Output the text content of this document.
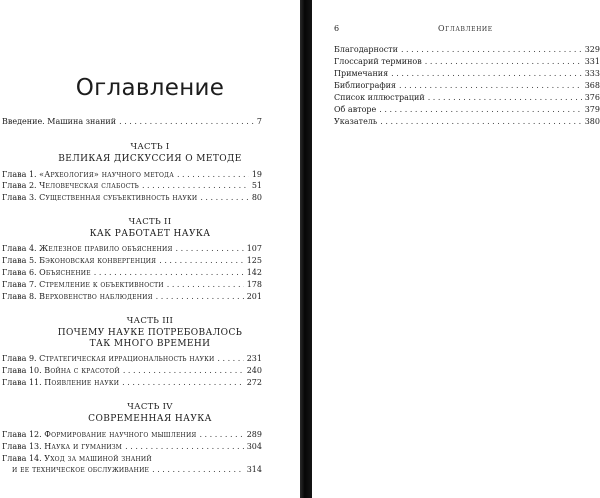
Оглавление
Введение. Машина знаний . . .	7
ЧАСТЬ I
ВЕЛИКАЯ ДИСКУССИЯ О МЕТОДЕ
Глава 1. «Археология» научного метода . . .	19
Глава 2. Человеческая слабость . . .	51
Глава 3. Существенная субъективность науки . . .	80
ЧАСТЬ II
КАК РАБОТАЕТ НАУКА
Глава 4. Железное правило объяснения . . .	107
Глава 5. Бэконовская конвергенция . . .	125
Глава 6. Объяснение . . .	142
Глава 7. Стремление к объективности . . .	178
Глава 8. Верховенство наблюдения . . .	201
ЧАСТЬ III
ПОЧЕМУ НАУКЕ ПОТРЕБОВАЛОСЬ
ТАК МНОГО ВРЕМЕНИ
Глава 9. Стратегическая иррациональность науки . . .	231
Глава 10. Война с красотой . . .	240
Глава 11. Появление науки . . .	272
ЧАСТЬ IV
СОВРЕМЕННАЯ НАУКА
Глава 12. Формирование научного мышления . . .	289
Глава 13. Наука и гуманизм . . .	304
Глава 14. Уход за машиной знаний
и ее техническое обслуживание . . .	314
6	Оглавление
Благодарности . . .	329
Глоссарий терминов . . .	331
Примечания . . .	333
Библиография . . .	368
Список иллюстраций . . .	376
Об авторе . . .	379
Указатель . . .	380
